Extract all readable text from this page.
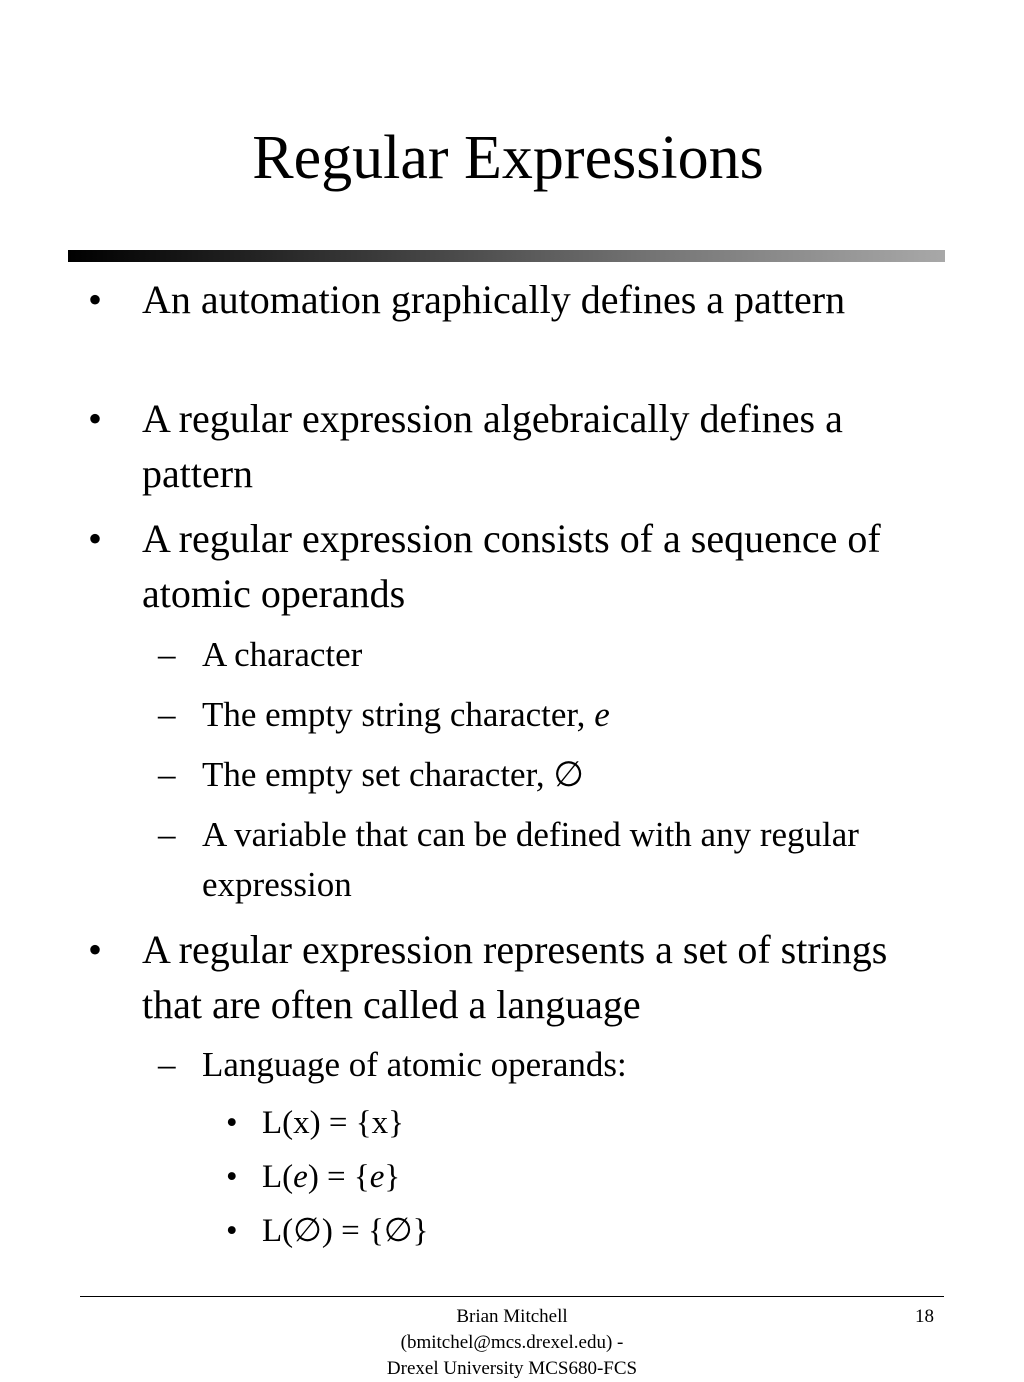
Regular Expressions

• An automation graphically defines a pattern

• A regular expression algebraically defines a pattern

• A regular expression consists of a sequence of atomic operands

– A character

– The empty string character, e

– The empty set character, ∅

– A variable that can be defined with any regular expression

• A regular expression represents a set of strings that are often called a language

– Language of atomic operands:

• L(x) = {x}

• L(e) = {e}

• L(∅) = {∅}

Brian Mitchell
(bmitchel@mcs.drexel.edu) -
Drexel University MCS680-FCS
18
